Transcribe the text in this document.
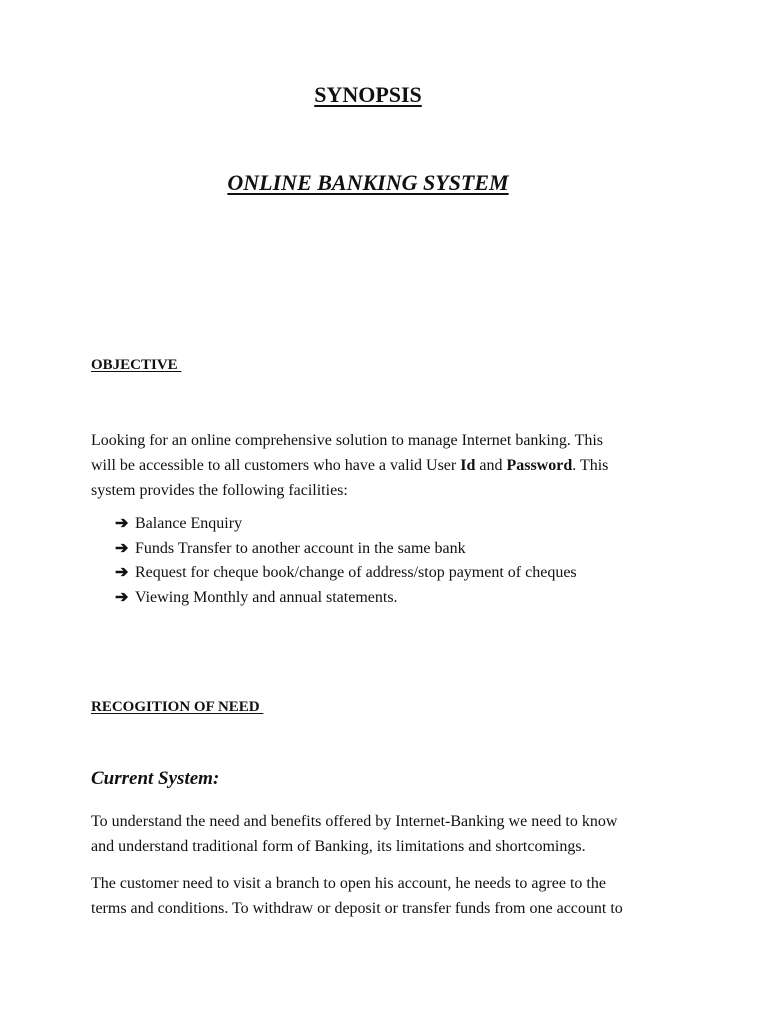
SYNOPSIS
ONLINE BANKING SYSTEM
OBJECTIVE

Looking for an online comprehensive solution to manage Internet banking. This
will be accessible to all customers who have a valid User Id and Password. This
system provides the following facilities:

➔ Balance Enquiry
➔ Funds Transfer to another account in the same bank
➔ Request for cheque book/change of address/stop payment of cheques
➔ Viewing Monthly and annual statements.
RECOGITION OF NEED
Current System:

To understand the need and benefits offered by Internet-Banking we need to know
and understand traditional form of Banking, its limitations and shortcomings.

The customer need to visit a branch to open his account, he needs to agree to the
terms and conditions. To withdraw or deposit or transfer funds from one account to
